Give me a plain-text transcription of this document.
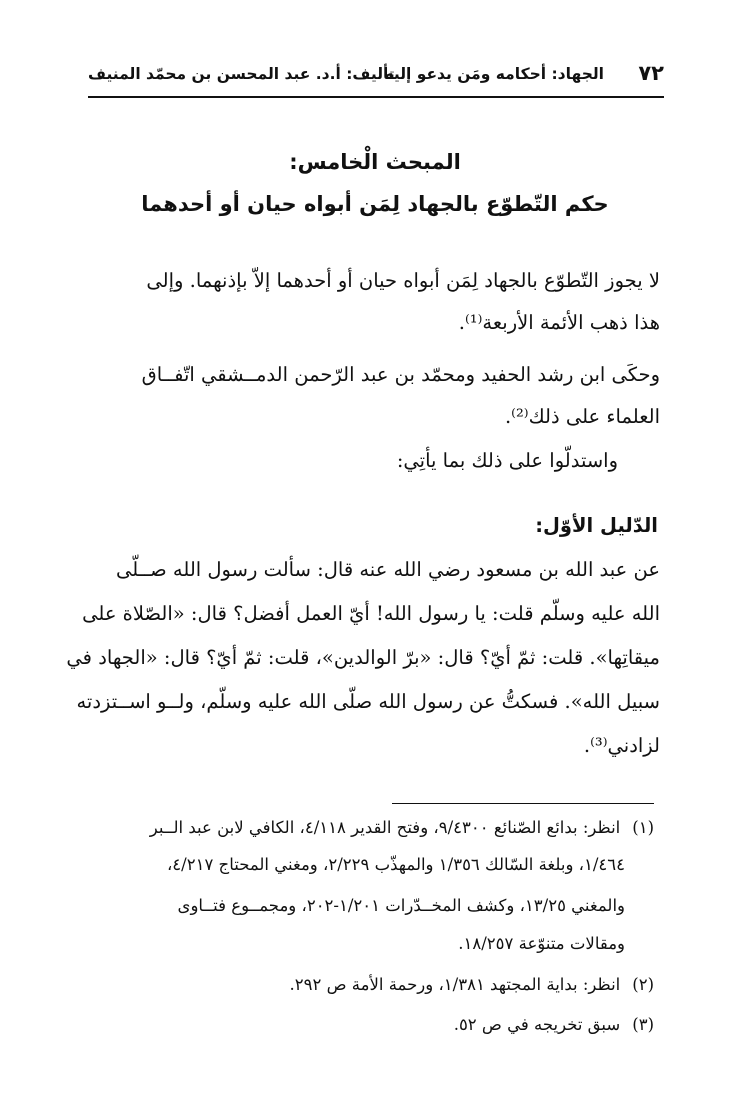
٧٢
الجهاد: أحكامه ومَن يدعو إليه
تأليف: أ.د. عبد المحسن بن محمّد المنيف
المبحث الْخامس:
حكم التّطوّع بالجهاد لِمَن أبواه حيان أو أحدهما
لا يجوز التّطوّع بالجهاد لِمَن أبواه حيان أو أحدهما إلاّ بإذنهما. وإلى
هذا ذهب الأئمة الأربعة⁽¹⁾.
وحكَى ابن رشد الحفيد ومحمّد بن عبد الرّحمن الدمــشقي اتّفــاق
العلماء على ذلك⁽²⁾.
واستدلّوا على ذلك بما يأتِي:
الدّليل الأوّل:
عن عبد الله بن مسعود رضي الله عنه قال: سألت رسول الله صــلّى
الله عليه وسلّم قلت: يا رسول الله! أيّ العمل أفضل؟ قال: «الصّلاة على
ميقاتِها». قلت: ثمّ أيّ؟ قال: «برّ الوالدين»، قلت: ثمّ أيّ؟ قال: «الجهاد في
سبيل الله». فسكتُّ عن رسول الله صلّى الله عليه وسلّم، ولــو اســتزدته
لزادني⁽³⁾.
(١)انظر: بدائع الصّنائع ٩/٤٣٠٠، وفتح القدير ٤/١١٨، الكافي لابن عبد الــبر
١/٤٦٤، وبلغة السّالك ١/٣٥٦ والمهذّب ٢/٢٢٩، ومغني المحتاج ٤/٢١٧،
والمغني ١٣/٢٥، وكشف المخــدّرات ١/٢٠١-٢٠٢، ومجمــوع فتــاوى
ومقالات متنوّعة ١٨/٢٥٧.
(٢)انظر: بداية المجتهد ١/٣٨١، ورحمة الأمة ص ٢٩٢.
(٣)سبق تخريجه في ص ٥٢.
